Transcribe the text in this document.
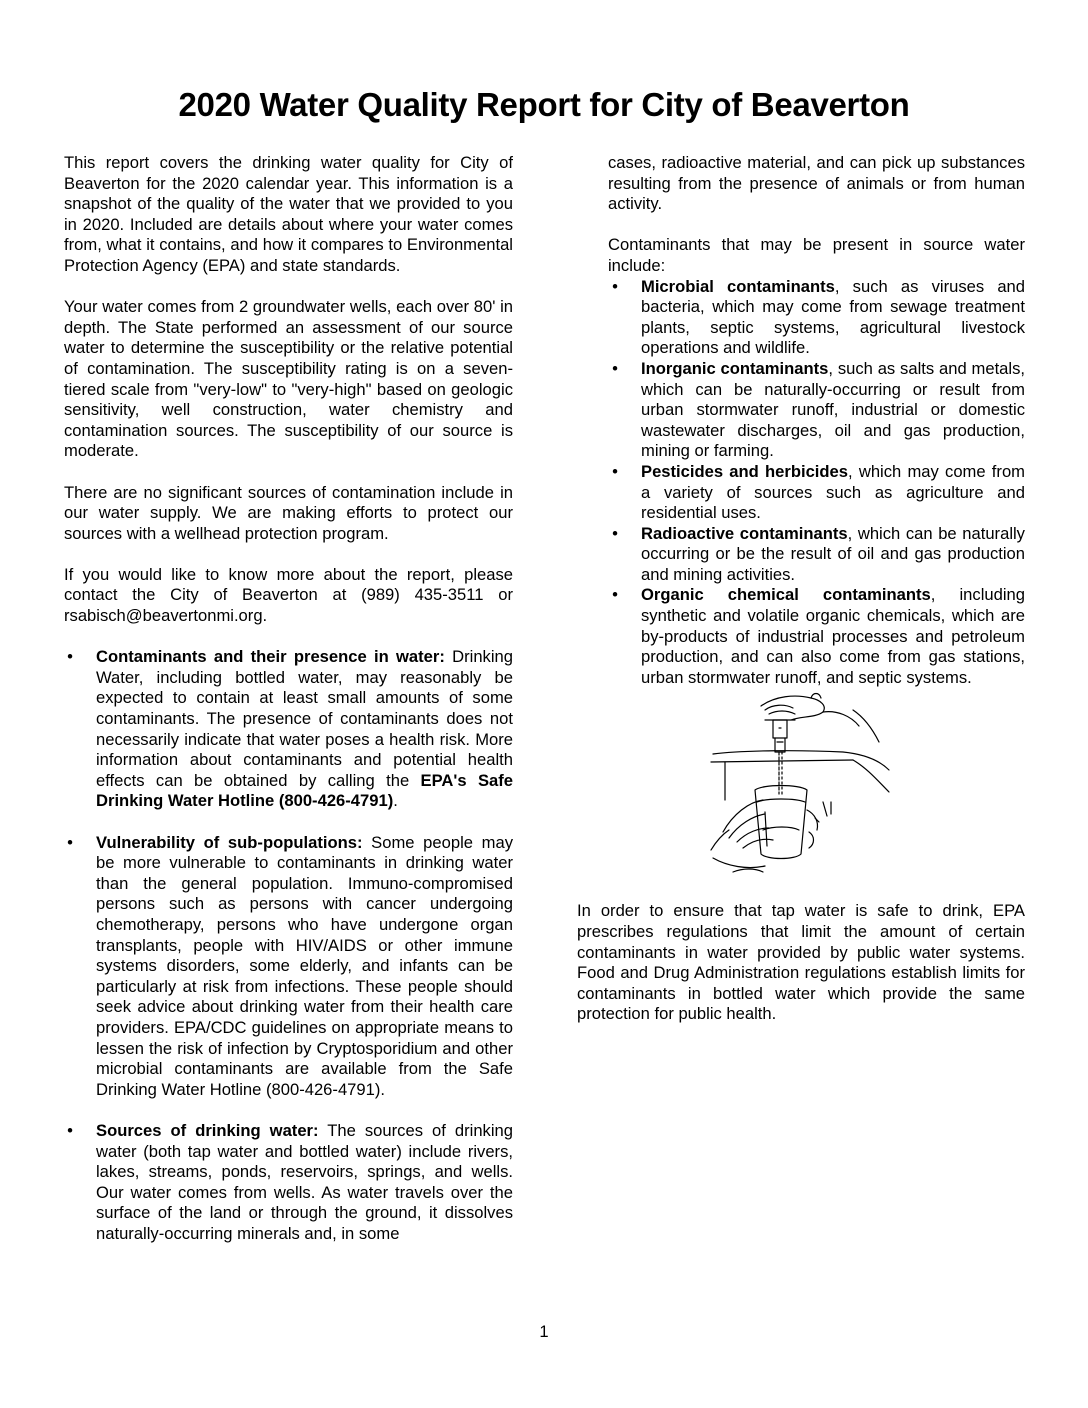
2020 Water Quality Report for City of Beaverton

This report covers the drinking water quality for City of Beaverton for the 2020 calendar year. This information is a snapshot of the quality of the water that we provided to you in 2020. Included are details about where your water comes from, what it contains, and how it compares to Environmental Protection Agency (EPA) and state standards.

Your water comes from 2 groundwater wells, each over 80' in depth. The State performed an assessment of our source water to determine the susceptibility or the relative potential of contamination. The susceptibility rating is on a seven-tiered scale from "very-low" to "very-high" based on geologic sensitivity, well construction, water chemistry and contamination sources. The susceptibility of our source is moderate.

There are no significant sources of contamination include in our water supply. We are making efforts to protect our sources with a wellhead protection program.

If you would like to know more about the report, please contact the City of Beaverton at (989) 435-3511 or rsabisch@beavertonmi.org.

• Contaminants and their presence in water: Drinking Water, including bottled water, may reasonably be expected to contain at least small amounts of some contaminants. The presence of contaminants does not necessarily indicate that water poses a health risk. More information about contaminants and potential health effects can be obtained by calling the EPA's Safe Drinking Water Hotline (800-426-4791).
• Vulnerability of sub-populations: Some people may be more vulnerable to contaminants in drinking water than the general population. Immuno-compromised persons such as persons with cancer undergoing chemotherapy, persons who have undergone organ transplants, people with HIV/AIDS or other immune systems disorders, some elderly, and infants can be particularly at risk from infections. These people should seek advice about drinking water from their health care providers. EPA/CDC guidelines on appropriate means to lessen the risk of infection by Cryptosporidium and other microbial contaminants are available from the Safe Drinking Water Hotline (800-426-4791).
• Sources of drinking water: The sources of drinking water (both tap water and bottled water) include rivers, lakes, streams, ponds, reservoirs, springs, and wells. Our water comes from wells. As water travels over the surface of the land or through the ground, it dissolves naturally-occurring minerals and, in some

cases, radioactive material, and can pick up substances resulting from the presence of animals or from human activity.

Contaminants that may be present in source water include:

• Microbial contaminants, such as viruses and bacteria, which may come from sewage treatment plants, septic systems, agricultural livestock operations and wildlife.
• Inorganic contaminants, such as salts and metals, which can be naturally-occurring or result from urban stormwater runoff, industrial or domestic wastewater discharges, oil and gas production, mining or farming.
• Pesticides and herbicides, which may come from a variety of sources such as agriculture and residential uses.
• Radioactive contaminants, which can be naturally occurring or be the result of oil and gas production and mining activities.
• Organic chemical contaminants, including synthetic and volatile organic chemicals, which are by-products of industrial processes and petroleum production, and can also come from gas stations, urban stormwater runoff, and septic systems.

In order to ensure that tap water is safe to drink, EPA prescribes regulations that limit the amount of certain contaminants in water provided by public water systems. Food and Drug Administration regulations establish limits for contaminants in bottled water which provide the same protection for public health.

1
